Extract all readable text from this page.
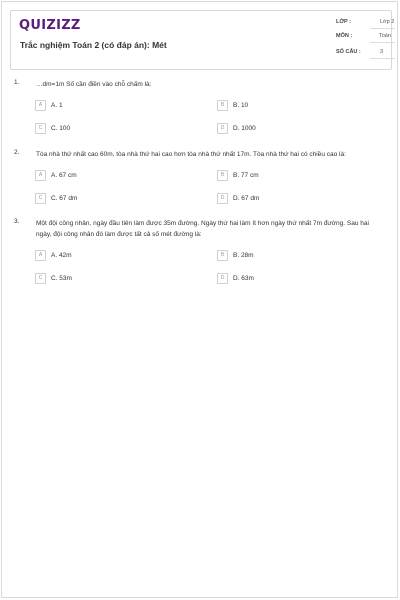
QUIZIZZ
Trắc nghiệm Toán 2 (có đáp án): Mét
LỚP :	Lớp 2
MÔN :	Toán
SỐ CÂU :	3
1.	…dm=1m Số cần điền vào chỗ chấm là:
A A. 1	B B. 10
C C. 100	D D. 1000
2.	Tòa nhà thứ nhất cao 60m, tòa nhà thứ hai cao hơn tòa nhà thứ nhất 17m. Tòa nhà thứ hai có chiều cao là:
A A. 67 cm	B B. 77 cm
C C. 67 dm	D D. 67 dm
3.	Một đội công nhân, ngày đầu tiên làm được 35m đường. Ngày thứ hai làm ít hơn ngày thứ nhất 7m đường. Sau hai ngày, đội công nhân đó làm được tất cả số mét đường là:
A A. 42m	B B. 28m
C C. 53m	D D. 63m
